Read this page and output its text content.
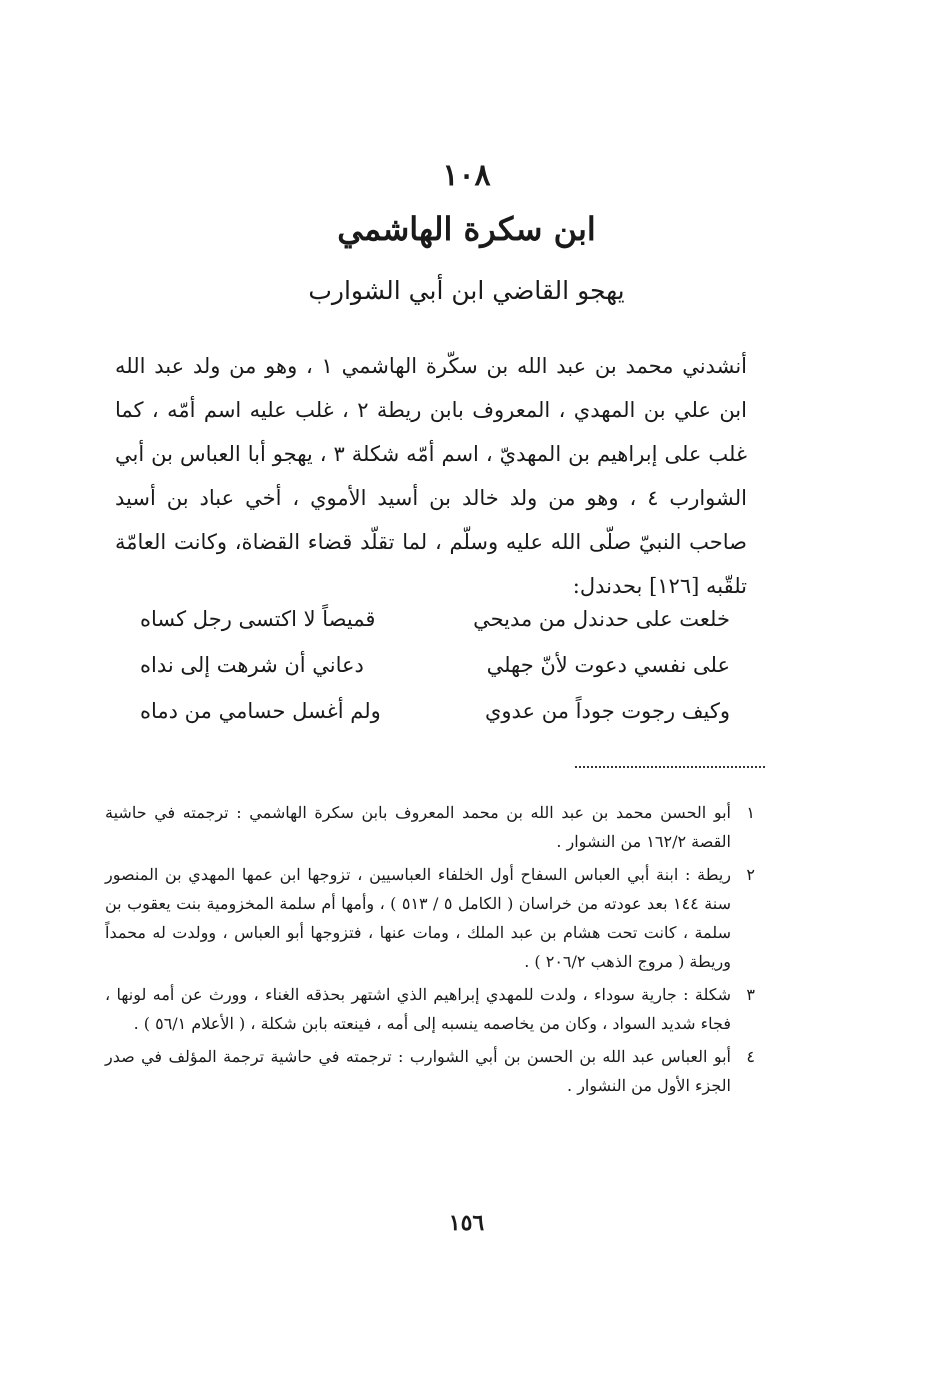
١٠٨
ابن سكرة الهاشمي
يهجو القاضي ابن أبي الشوارب

أنشدني محمد بن عبد الله بن سكّرة الهاشمي ١ ، وهو من ولد عبد الله ابن علي بن المهدي ، المعروف بابن ريطة ٢ ، غلب عليه اسم أمّه ، كما غلب على إبراهيم بن المهديّ ، اسم أمّه شكلة ٣ ، يهجو أبا العباس بن أبي الشوارب ٤ ، وهو من ولد خالد بن أسيد الأموي ، أخي عباد بن أسيد صاحب النبيّ صلّى الله عليه وسلّم ، لما تقلّد قضاء القضاة، وكانت العامّة تلقّبه [١٢٦] بحدندل:

خلعت على حدندل من مديحي
قميصاً لا اكتسى رجل كساه
على نفسي دعوت لأنّ جهلي
دعاني أن شرهت إلى نداه
وكيف رجوت جوداً من عدوي
ولم أغسل حسامي من دماه
١
أبو الحسن محمد بن عبد الله بن محمد المعروف بابن سكرة الهاشمي : ترجمته في حاشية القصة ١٦٢/٢ من النشوار .
٢
ريطة : ابنة أبي العباس السفاح أول الخلفاء العباسيين ، تزوجها ابن عمها المهدي بن المنصور سنة ١٤٤ بعد عودته من خراسان ( الكامل ٥ / ٥١٣ ) ، وأمها أم سلمة المخزومية بنت يعقوب بن سلمة ، كانت تحت هشام بن عبد الملك ، ومات عنها ، فتزوجها أبو العباس ، وولدت له محمداً وريطة ( مروج الذهب ٢٠٦/٢ ) .
٣
شكلة : جارية سوداء ، ولدت للمهدي إبراهيم الذي اشتهر بحذقه الغناء ، وورث عن أمه لونها ، فجاء شديد السواد ، وكان من يخاصمه ينسبه إلى أمه ، فينعته بابن شكلة ، ( الأعلام ٥٦/١ ) .
٤
أبو العباس عبد الله بن الحسن بن أبي الشوارب : ترجمته في حاشية ترجمة المؤلف في صدر الجزء الأول من النشوار .
١٥٦
